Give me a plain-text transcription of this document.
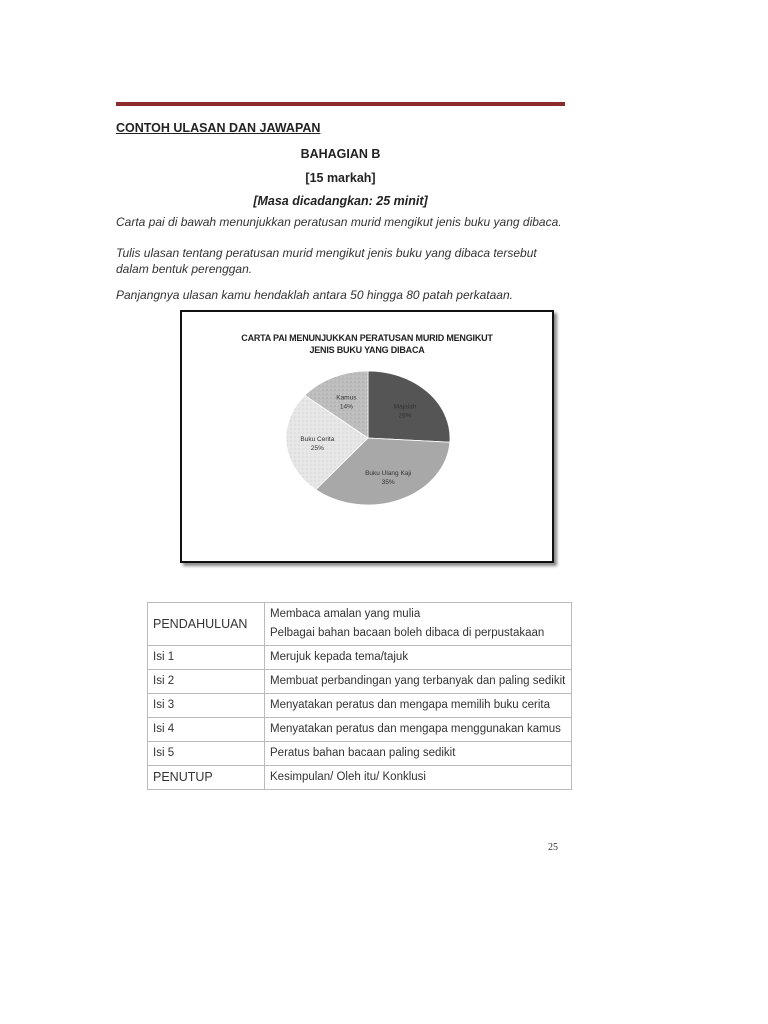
CONTOH ULASAN DAN JAWAPAN
BAHAGIAN B
[15 markah]
[Masa dicadangkan: 25 minit]
Carta pai di bawah menunjukkan peratusan murid mengikut jenis buku yang dibaca.
Tulis ulasan tentang peratusan murid mengikut jenis buku yang dibaca tersebut dalam bentuk perenggan.
Panjangnya ulasan kamu hendaklah antara 50 hingga 80 patah perkataan.
CARTA PAI MENUNJUKKAN PERATUSAN MURID MENGIKUT
JENIS BUKU YANG DIBACA
Majalah
26%
Buku Ulang Kaji
35%
Buku Cerita
25%
Kamus
14%
PENDAHULUAN	Membaca amalan yang mulia
Pelbagai bahan bacaan boleh dibaca di perpustakaan

Isi 1	Merujuk kepada tema/tajuk

Isi 2	Membuat perbandingan yang terbanyak dan paling sedikit

Isi 3	Menyatakan peratus dan mengapa memilih buku cerita

Isi 4	Menyatakan peratus dan mengapa menggunakan kamus

Isi 5	Peratus bahan bacaan paling sedikit

PENUTUP	Kesimpulan/ Oleh itu/ Konklusi
25
